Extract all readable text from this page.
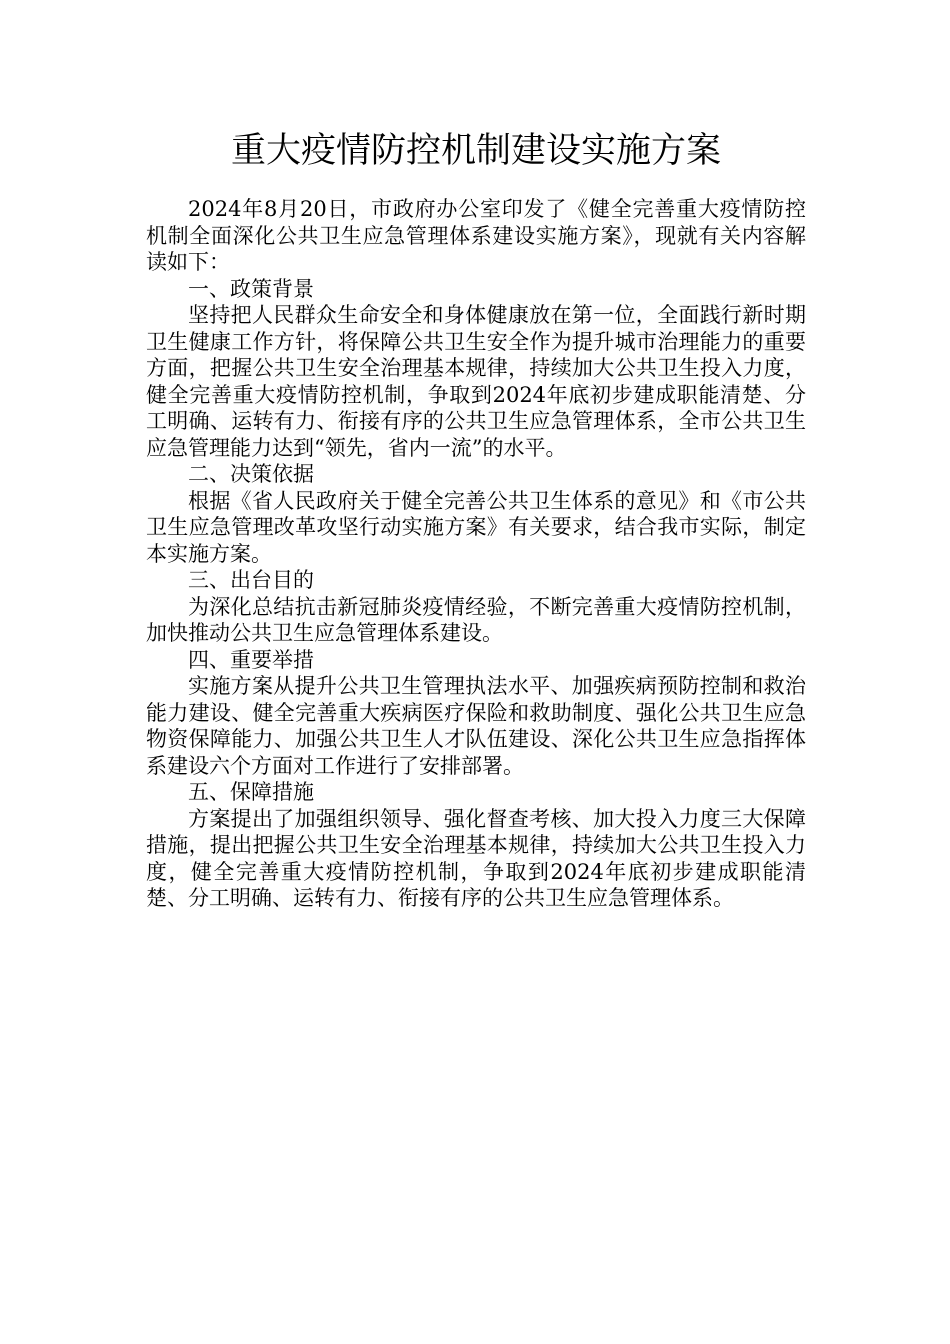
重大疫情防控机制建设实施方案

2024年8月20日，市政府办公室印发了《健全完善重大疫情防控机制全面深化公共卫生应急管理体系建设实施方案》，现就有关内容解读如下：

一、政策背景

坚持把人民群众生命安全和身体健康放在第一位，全面践行新时期卫生健康工作方针，将保障公共卫生安全作为提升城市治理能力的重要方面，把握公共卫生安全治理基本规律，持续加大公共卫生投入力度，健全完善重大疫情防控机制，争取到2024年底初步建成职能清楚、分工明确、运转有力、衔接有序的公共卫生应急管理体系，全市公共卫生应急管理能力达到“领先，省内一流”的水平。

二、决策依据

根据《省人民政府关于健全完善公共卫生体系的意见》和《市公共卫生应急管理改革攻坚行动实施方案》有关要求，结合我市实际，制定本实施方案。

三、出台目的

为深化总结抗击新冠肺炎疫情经验，不断完善重大疫情防控机制，加快推动公共卫生应急管理体系建设。

四、重要举措

实施方案从提升公共卫生管理执法水平、加强疾病预防控制和救治能力建设、健全完善重大疾病医疗保险和救助制度、强化公共卫生应急物资保障能力、加强公共卫生人才队伍建设、深化公共卫生应急指挥体系建设六个方面对工作进行了安排部署。

五、保障措施

方案提出了加强组织领导、强化督查考核、加大投入力度三大保障措施，提出把握公共卫生安全治理基本规律，持续加大公共卫生投入力度，健全完善重大疫情防控机制，争取到2024年底初步建成职能清楚、分工明确、运转有力、衔接有序的公共卫生应急管理体系。
